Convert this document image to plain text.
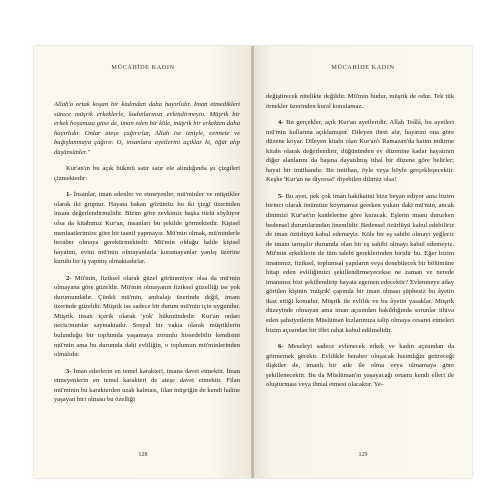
MÜCAHİDE KADIN

Allah'a ortak koşan bir kadından daha hayırlıdır. İman etmedikleri sürece müşrik erkeklerle, kadınlarınızı evlendirmeyin. Müşrik bir erkek hoşunuza gitse de, iman eden bir köle, müşrik bir erkekten daha hayırlıdır. Onlar ateşe çağırırlar, Allah ise izniyle, cennete ve bağışlanmaya çağırır. O, insanlara ayetlerini açıklar ki, öğüt alıp düşünsünler."

Kur'an'ın bu açık hükmü satır satır ele alındığında şu çizgileri çizmektedir:

1- İnsanlar, iman edenler ve etmeyenler, mü'minler ve müşrikler olarak iki gruptur. Hayata bakan gözümüz bu iki çizgi üzerinden insanı değerlendirmelidir. Bizim göre zevkimiz başka türlü söylüyor olsa da kitabımız Kur'an, insanları bu şekilde görmektedir. Kişisel menfaatlerimize göre bir tasnif yapmayız. Mü'min olmak, mü'minlerle beraber olmaya gerektirmektedir. Mü'min olduğu halde kişisel hayatını, evini mü'min olmayanlarla kuramayanlar yanlış üzerine kurulu bir iş yapmış olmaktadırlar.

2- Mü'min, fiziksel olarak güzel görünmüyor olsa da mü'min olmayana göre güzeldir. Mü'min olmayanın fiziksel güzelliği ise yok durumundadır. Çünkü mü'min, ambalajı üzerinde değil, imanı üzerinde güzeldir. Müşrik ise sadece bir durum mü'min için uygundur. Müşrik insan içerik olarak 'yok' hükmündedir. Kur'an onları necis/murdar saymaktadır. Sosyal bir vakıa olarak müşriklerin bulunduğu bir toplumda yaşamaya zorunlu hissedebilir kendisini mü'min ama bu durumda dahi evliliğin, o toplumun mü'minlerinden olmalıdır.

3- İman ederlerin en temel karakteri, imana davet etmektir. İman etmeyenlerin en temel karakteri de ateşe davet etmektir. Filan mü'minin bu karakterden uzak kalması, filan müşriğin de kendi haline yaşayan biri olması bu özelliği

128
MÜCAHİDE KADIN

değiştirecek nitelikte değildir. Mü'min budur, müşrik de odur. Tek tük örnekler üzerinden kural konulamaz.

4- Bu gerçekler, açık Kur'an ayetleridir. Allah Teâlâ, bu ayetleri mü'min kullarına açıklamıştır. Dileyen ibret alır, hayatını ona göre düzene koyar. Dileyen kitabı olan Kur'an'ı Ramazan'da hatim indirme kitabı olarak değerlendirir, düğününden ev düzenine kadar hayatının diğer alanlarını da başına dayatılmış ithal bir düzene göre belirler; hayat bir imtihandır. Bu imtihan, öyle veya böyle gerçekleşecektir. Keşke 'Kur'an ne diyorsa!' diyebilen dilimiz olsa!

5- Bu ayet, pek çok iman hakikatini bize beyan ediyor ama bizim birinci olarak önümüze koymamız gereken yukarı daki mü'min, ancak dinimizi Kur'an'ın kaidelerine göre kuracak. Eşlerin imanı dururken bedensel durumlarından önemlidir. Bedensel özürlüyü kabul edebiliriz de iman özürlüyü kabul edemeyiz. Köle bir eş sahibi olmayı yeğleriz de imanı tartışılır durumda olan bir eş sahibi olmayı kabul edemeyiz. Mü'min erkeklerin de tüm talebi gereklerinden biridir bu. Eğer bizim imanımız, fiziksel, toplumsal yapıların veya denebilecek bir bölümüne hitap eden evliliğimizi şekillendirmeyecekse ne zaman ve nerede imanımız bizi şekillendirip hayata egemen edecektir? Evlenmeye aday görülen kişinin 'müşrik' çapında bir iman olması şüphesiz bu âyetin ikaz ettiği konudur. Müşrik ile evlilik ve bu âyetin yasaklar. Müşrik düzeyinde olmayan ama iman açısından bakıldığında sorunlar ithiva eden şahsiyetlerin Müslüman kızlarımıza talip olmaya cesaret etmeleri bizim açısından bir iffet rahat kabul edilmelidir.

6- Meseleyi sadece evlenecek erkek ve kadın açısından da görmemek gerekir. Evlilikle beraber oluşacak hısımlığın getireceği ilişkiler de, imanlı bir aile ile olma veya olmamaya göre şekillenecektir. Bu da Müslüman'ın yaşayacağı ortamı kendi elleri ile oluşturması veya ihmal etmesi olacaktır. Ye-

129
